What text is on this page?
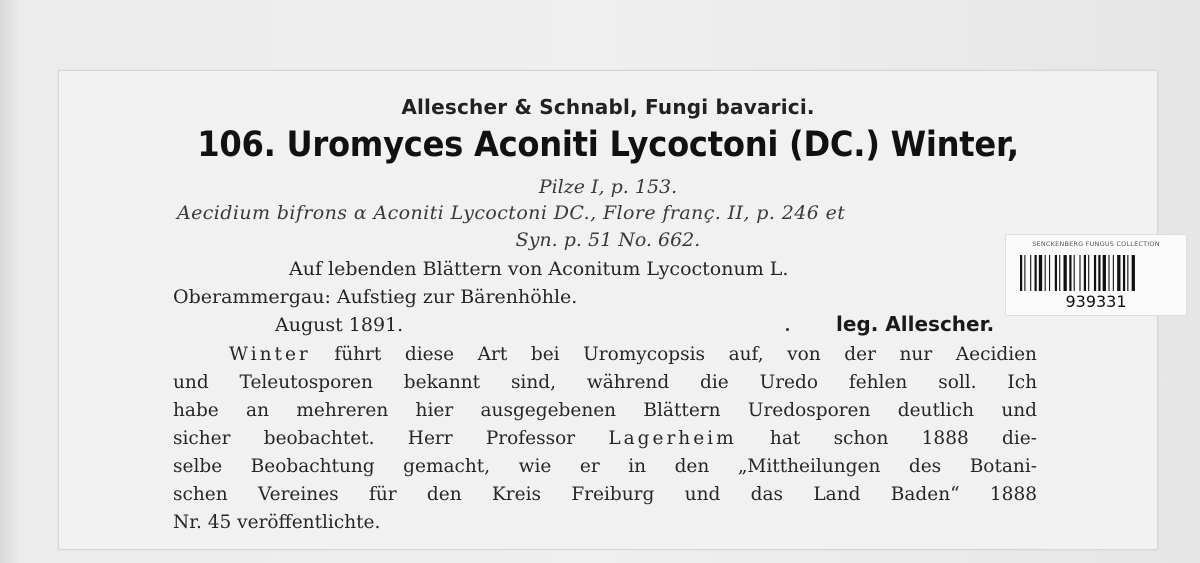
Allescher & Schnabl, Fungi bavarici.
106. Uromyces Aconiti Lycoctoni (DC.) Winter,
Pilze I, p. 153.
Aecidium bifrons α Aconiti Lycoctoni DC., Flore franç. II, p. 246 et
Syn. p. 51 No. 662.
Auf lebenden Blättern von Aconitum Lycoctonum L.
Oberammergau: Aufstieg zur Bärenhöhle.
August 1891.	leg. Allescher.
Winter führt diese Art bei Uromycopsis auf, von der nur Aecidien
und Teleutosporen bekannt sind, während die Uredo fehlen soll. Ich
habe an mehreren hier ausgegebenen Blättern Uredosporen deutlich und
sicher beobachtet. Herr Professor Lagerheim hat schon 1888 die-
selbe Beobachtung gemacht, wie er in den „Mittheilungen des Botani-
schen Vereines für den Kreis Freiburg und das Land Baden“ 1888
Nr. 45 veröffentlichte.
SENCKENBERG FUNGUS COLLECTION
939331
